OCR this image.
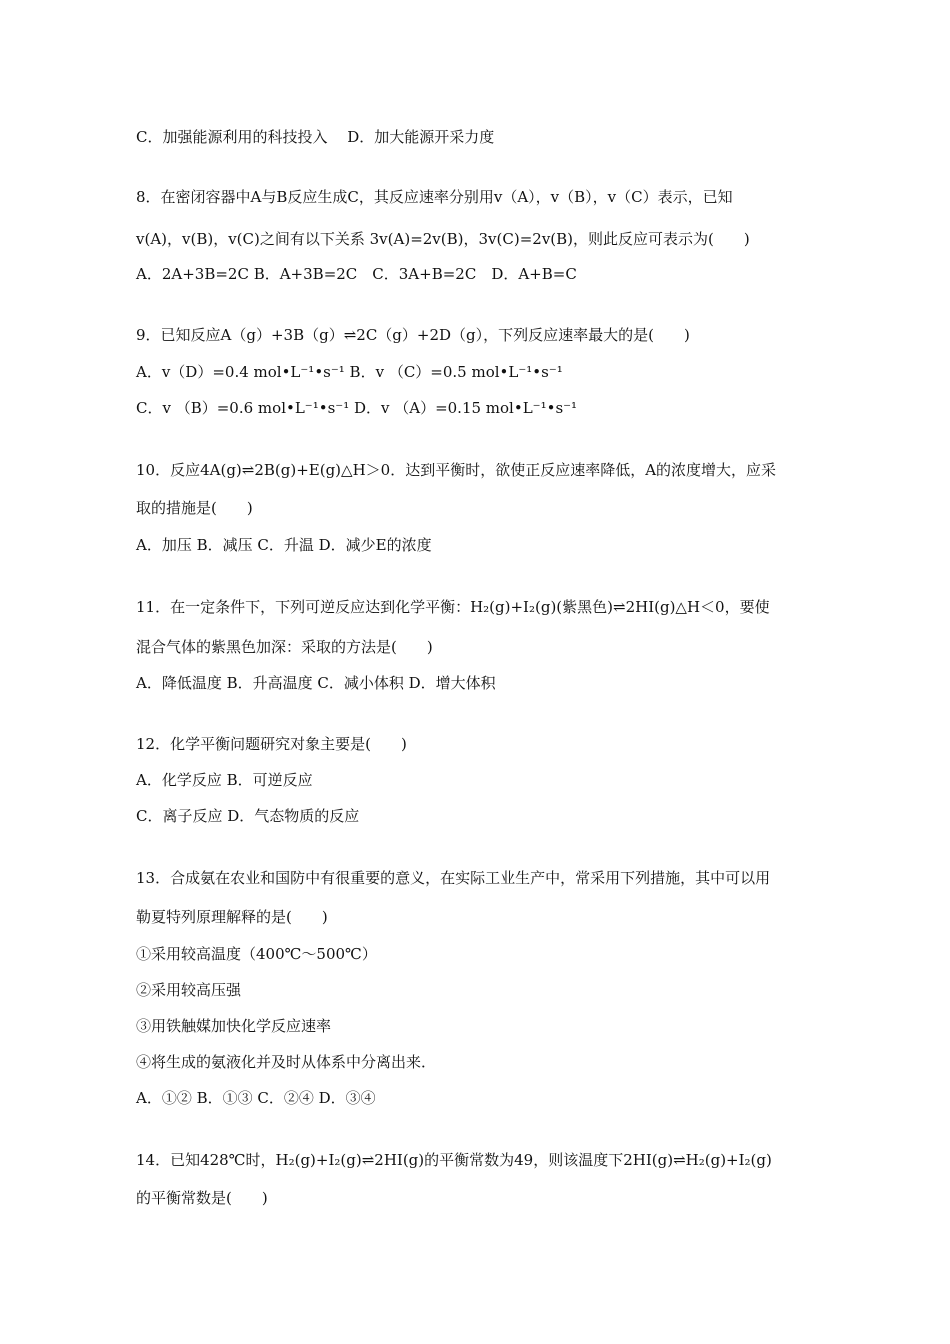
C．加强能源利用的科技投入　 D．加大能源开采力度
8．在密闭容器中A与B反应生成C，其反应速率分别用v（A），v（B），v（C）表示，已知
v(A)，v(B)，v(C)之间有以下关系 3v(A)=2v(B)，3v(C)=2v(B)，则此反应可表示为(　　)
A．2A+3B=2C B．A+3B=2C　C．3A+B=2C　D．A+B=C
9．已知反应A（g）+3B（g）⇌2C（g）+2D（g），下列反应速率最大的是(　　)
A．v（D）=0.4 mol•L⁻¹•s⁻¹ B．v （C）=0.5 mol•L⁻¹•s⁻¹
C．v （B）=0.6 mol•L⁻¹•s⁻¹ D．v （A）=0.15 mol•L⁻¹•s⁻¹
10．反应4A(g)⇌2B(g)+E(g)△H＞0．达到平衡时，欲使正反应速率降低，A的浓度增大，应采
取的措施是(　　)
A．加压 B．减压 C．升温 D．减少E的浓度
11．在一定条件下，下列可逆反应达到化学平衡：H₂(g)+I₂(g)(紫黑色)⇌2HI(g)△H＜0，要使
混合气体的紫黑色加深：采取的方法是(　　)
A．降低温度 B．升高温度 C．减小体积 D．增大体积
12．化学平衡问题研究对象主要是(　　)
A．化学反应 B．可逆反应
C．离子反应 D．气态物质的反应
13．合成氨在农业和国防中有很重要的意义，在实际工业生产中，常采用下列措施，其中可以用
勒夏特列原理解释的是(　　)
①采用较高温度（400℃～500℃）
②采用较高压强
③用铁触媒加快化学反应速率
④将生成的氨液化并及时从体系中分离出来．
A．①② B．①③ C．②④ D．③④
14．已知428℃时，H₂(g)+I₂(g)⇌2HI(g)的平衡常数为49，则该温度下2HI(g)⇌H₂(g)+I₂(g)
的平衡常数是(　　)
